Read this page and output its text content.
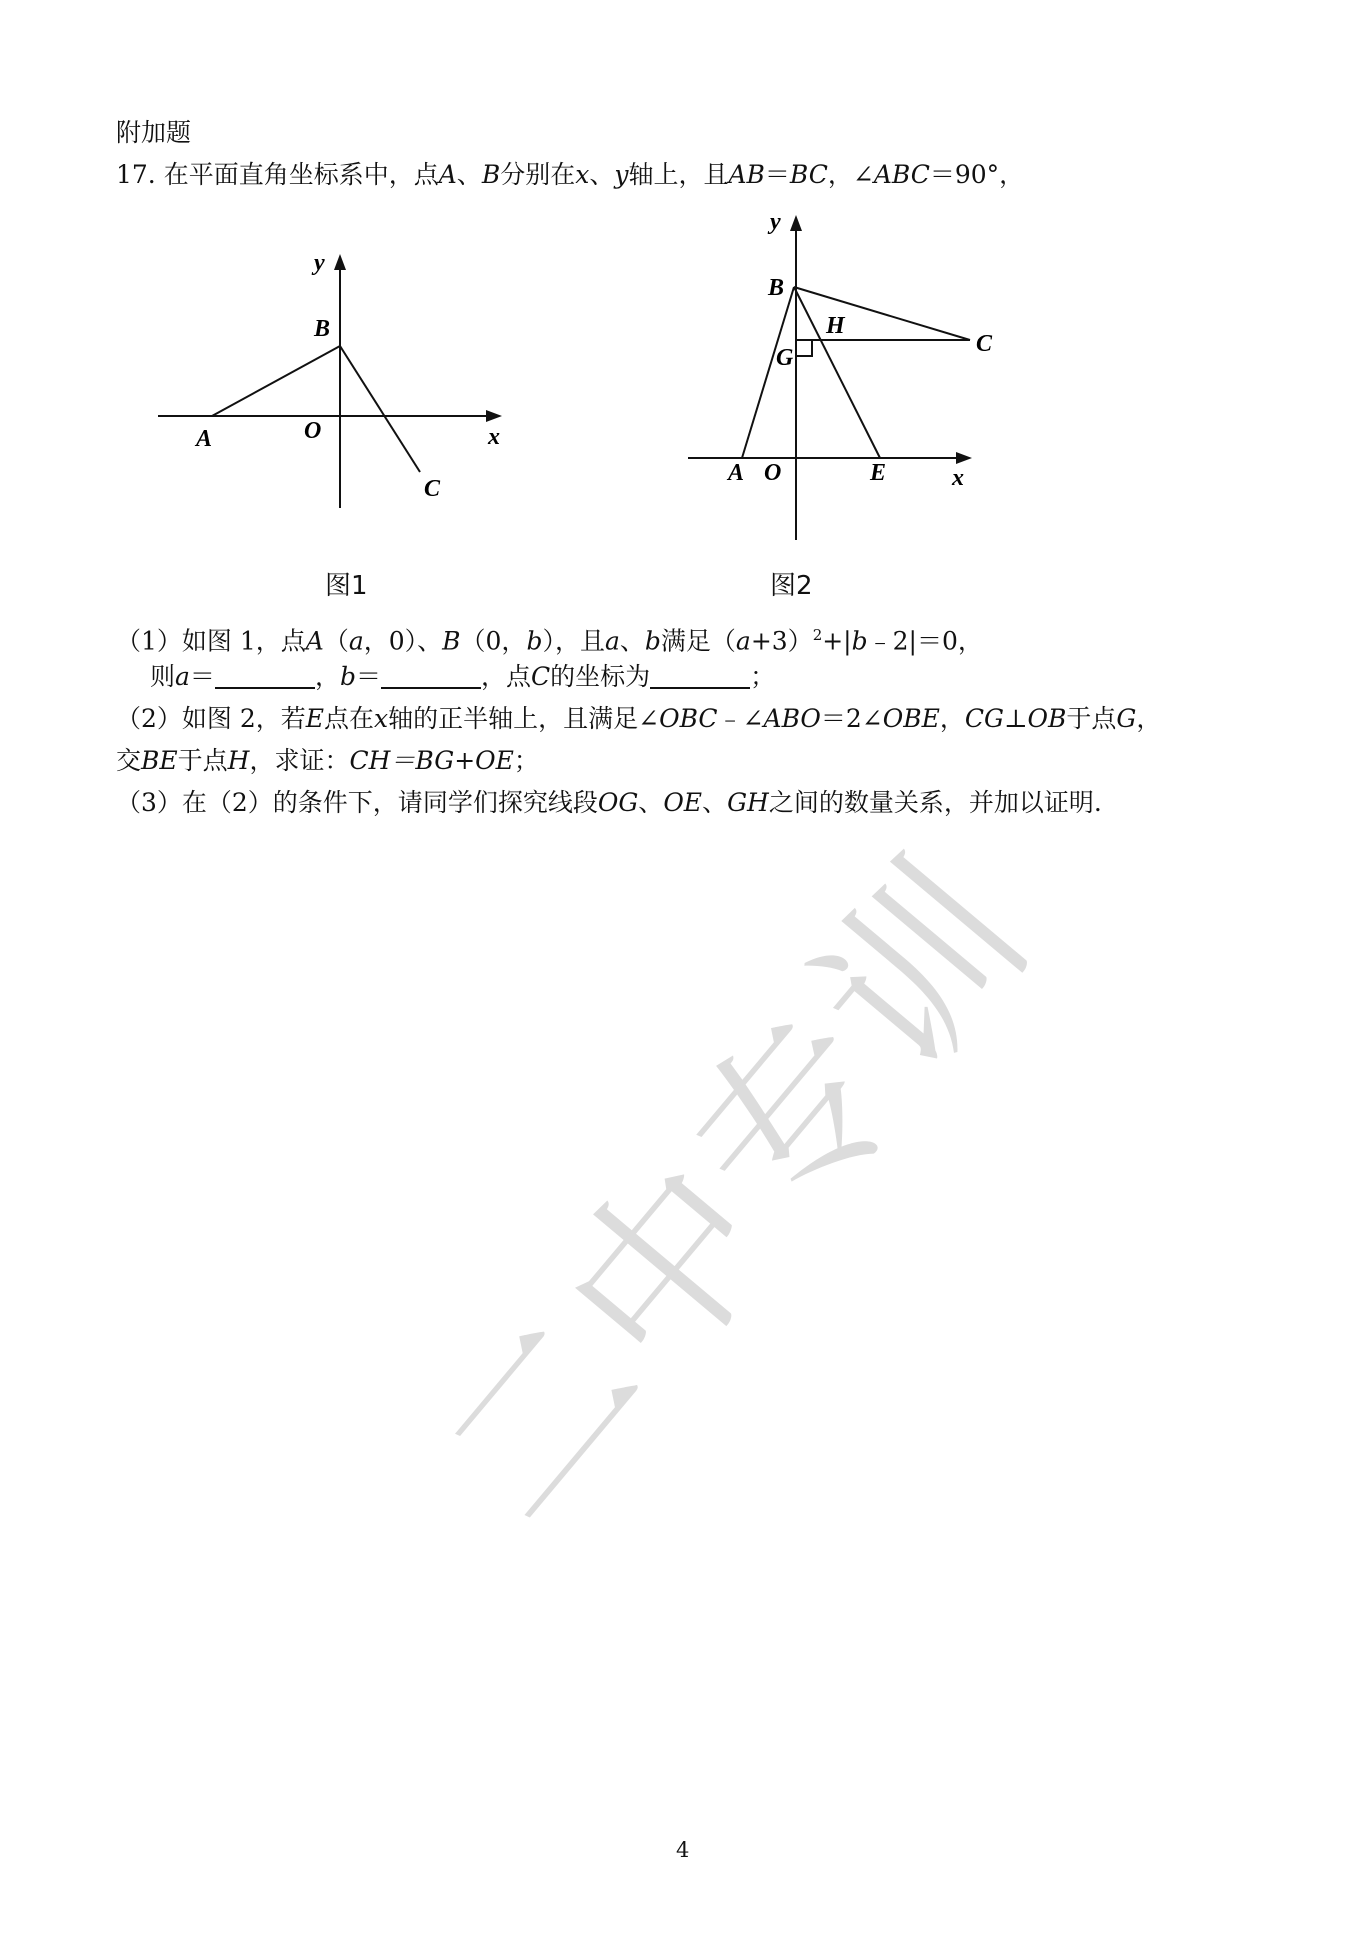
二中专训
附加题
17. 在平面直角坐标系中，点A、B分别在x、y轴上，且AB＝BC，∠ABC＝90°，
y
B
A	O	x
C
图1
y
B
H
C
G
A O	E	x
图2
（1）如图 1，点A（a，0）、B（0，b），且a、b满足$(a+3)^2+|b﹣2|=0$，
则a＝	，b＝	，点C的坐标为	；
（2）如图 2，若E点在x轴的正半轴上，且满足∠OBC﹣∠ABO＝2∠OBE，CG⊥OB于点G，
交BE于点H，求证：CH＝BG+OE；
（3）在（2）的条件下，请同学们探究线段OG、OE、GH之间的数量关系，并加以证明.
4
